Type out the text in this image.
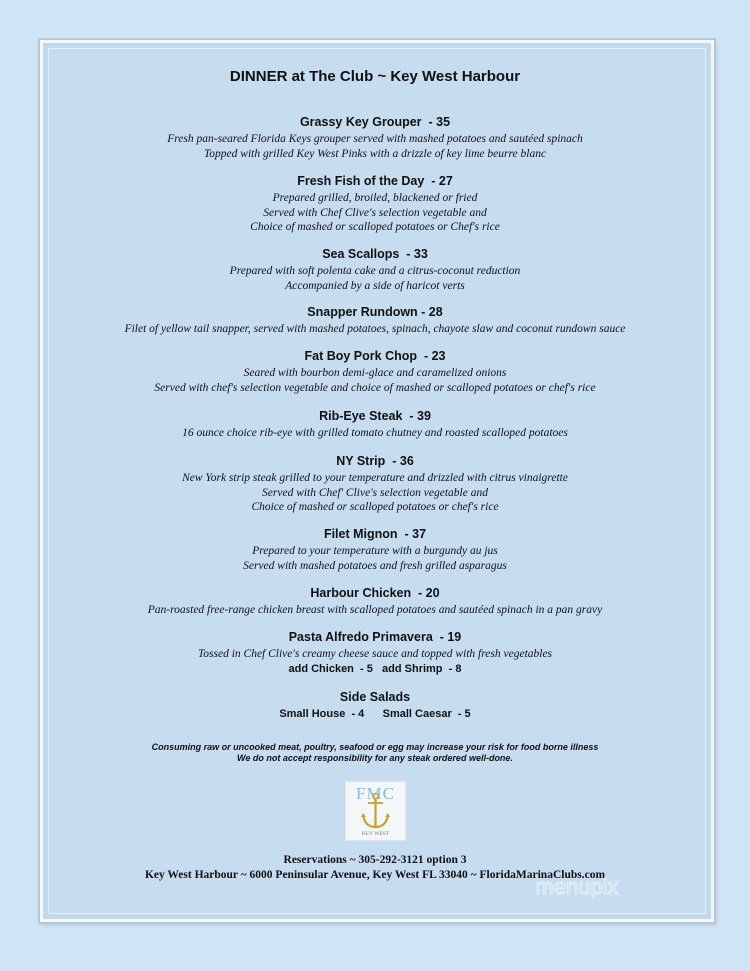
DINNER at The Club ~ Key West Harbour
Grassy Key Grouper  - 35
Fresh pan-seared Florida Keys grouper served with mashed potatoes and sautéed spinach
Topped with grilled Key West Pinks with a drizzle of key lime beurre blanc
Fresh Fish of the Day  - 27
Prepared grilled, broiled, blackened or fried
Served with Chef Clive's selection vegetable and
Choice of mashed or scalloped potatoes or Chef's rice
Sea Scallops  - 33
Prepared with soft polenta cake and a citrus-coconut reduction
Accompanied by a side of haricot verts
Snapper Rundown - 28
Filet of yellow tail snapper, served with mashed potatoes, spinach, chayote slaw and coconut rundown sauce
Fat Boy Pork Chop  - 23
Seared with bourbon demi-glace and caramelized onions
Served with chef's selection vegetable and choice of mashed or scalloped potatoes or chef's rice
Rib-Eye Steak  - 39
16 ounce choice rib-eye with grilled tomato chutney and roasted scalloped potatoes
NY Strip  - 36
New York strip steak grilled to your temperature and drizzled with citrus vinaigrette
Served with Chef' Clive's selection vegetable and
Choice of mashed or scalloped potatoes or chef's rice
Filet Mignon  - 37
Prepared to your temperature with a burgundy au jus
Served with mashed potatoes and fresh grilled asparagus
Harbour Chicken  - 20
Pan-roasted free-range chicken breast with scalloped potatoes and sautéed spinach in a pan gravy
Pasta Alfredo Primavera  - 19
Tossed in Chef Clive's creamy cheese sauce and topped with fresh vegetables
add Chicken  - 5   add Shrimp  - 8
Side Salads
Small House  - 4      Small Caesar  - 5
Consuming raw or uncooked meat, poultry, seafood or egg may increase your risk for food borne illness
We do not accept responsibility for any steak ordered well-done.
FMC
KEY WEST
Reservations ~ 305-292-3121 option 3
Key West Harbour ~ 6000 Peninsular Avenue, Key West FL 33040 ~ FloridaMarinaClubs.com
menupix
